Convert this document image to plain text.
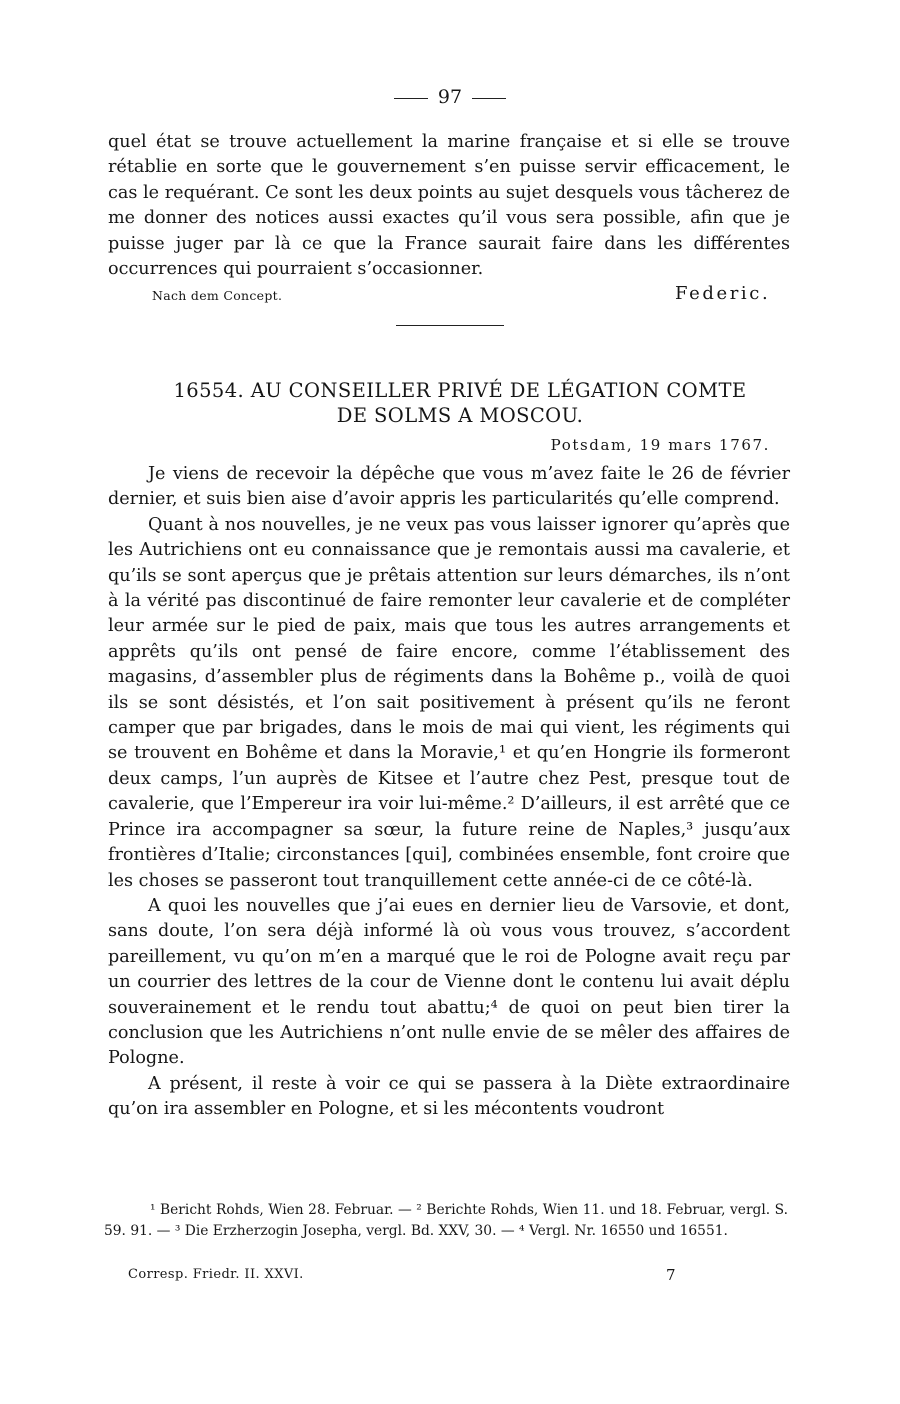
97

quel état se trouve actuellement la marine française et si elle se trouve rétablie en sorte que le gouvernement s’en puisse servir efficacement, le cas le requérant. Ce sont les deux points au sujet desquels vous tâcherez de me donner des notices aussi exactes qu’il vous sera possible, afin que je puisse juger par là ce que la France saurait faire dans les différentes occurrences qui pourraient s’occasionner.

Nach dem Concept.	Federic.
16554. AU CONSEILLER PRIVÉ DE LÉGATION COMTE
DE SOLMS A MOSCOU.
Potsdam, 19 mars 1767.

Je viens de recevoir la dépêche que vous m’avez faite le 26 de février dernier, et suis bien aise d’avoir appris les particularités qu’elle comprend.

Quant à nos nouvelles, je ne veux pas vous laisser ignorer qu’après que les Autrichiens ont eu connaissance que je remontais aussi ma cavalerie, et qu’ils se sont aperçus que je prêtais attention sur leurs démarches, ils n’ont à la vérité pas discontinué de faire remonter leur cavalerie et de compléter leur armée sur le pied de paix, mais que tous les autres arrangements et apprêts qu’ils ont pensé de faire encore, comme l’établissement des magasins, d’assembler plus de régiments dans la Bohême p., voilà de quoi ils se sont désistés, et l’on sait positivement à présent qu’ils ne feront camper que par brigades, dans le mois de mai qui vient, les régiments qui se trouvent en Bohême et dans la Moravie,¹ et qu’en Hongrie ils formeront deux camps, l’un auprès de Kitsee et l’autre chez Pest, presque tout de cavalerie, que l’Empereur ira voir lui-même.² D’ailleurs, il est arrêté que ce Prince ira accompagner sa sœur, la future reine de Naples,³ jusqu’aux frontières d’Italie; circonstances [qui], combinées ensemble, font croire que les choses se passeront tout tranquillement cette année-ci de ce côté-là.

A quoi les nouvelles que j’ai eues en dernier lieu de Varsovie, et dont, sans doute, l’on sera déjà informé là où vous vous trouvez, s’accordent pareillement, vu qu’on m’en a marqué que le roi de Pologne avait reçu par un courrier des lettres de la cour de Vienne dont le contenu lui avait déplu souverainement et le rendu tout abattu;⁴ de quoi on peut bien tirer la conclusion que les Autrichiens n’ont nulle envie de se mêler des affaires de Pologne.

A présent, il reste à voir ce qui se passera à la Diète extraordinaire qu’on ira assembler en Pologne, et si les mécontents voudront

¹ Bericht Rohds, Wien 28. Februar. — ² Berichte Rohds, Wien 11. und 18. Februar, vergl. S. 59. 91. — ³ Die Erzherzogin Josepha, vergl. Bd. XXV, 30. — ⁴ Vergl. Nr. 16550 und 16551.

Corresp. Friedr. II. XXVI.	7
